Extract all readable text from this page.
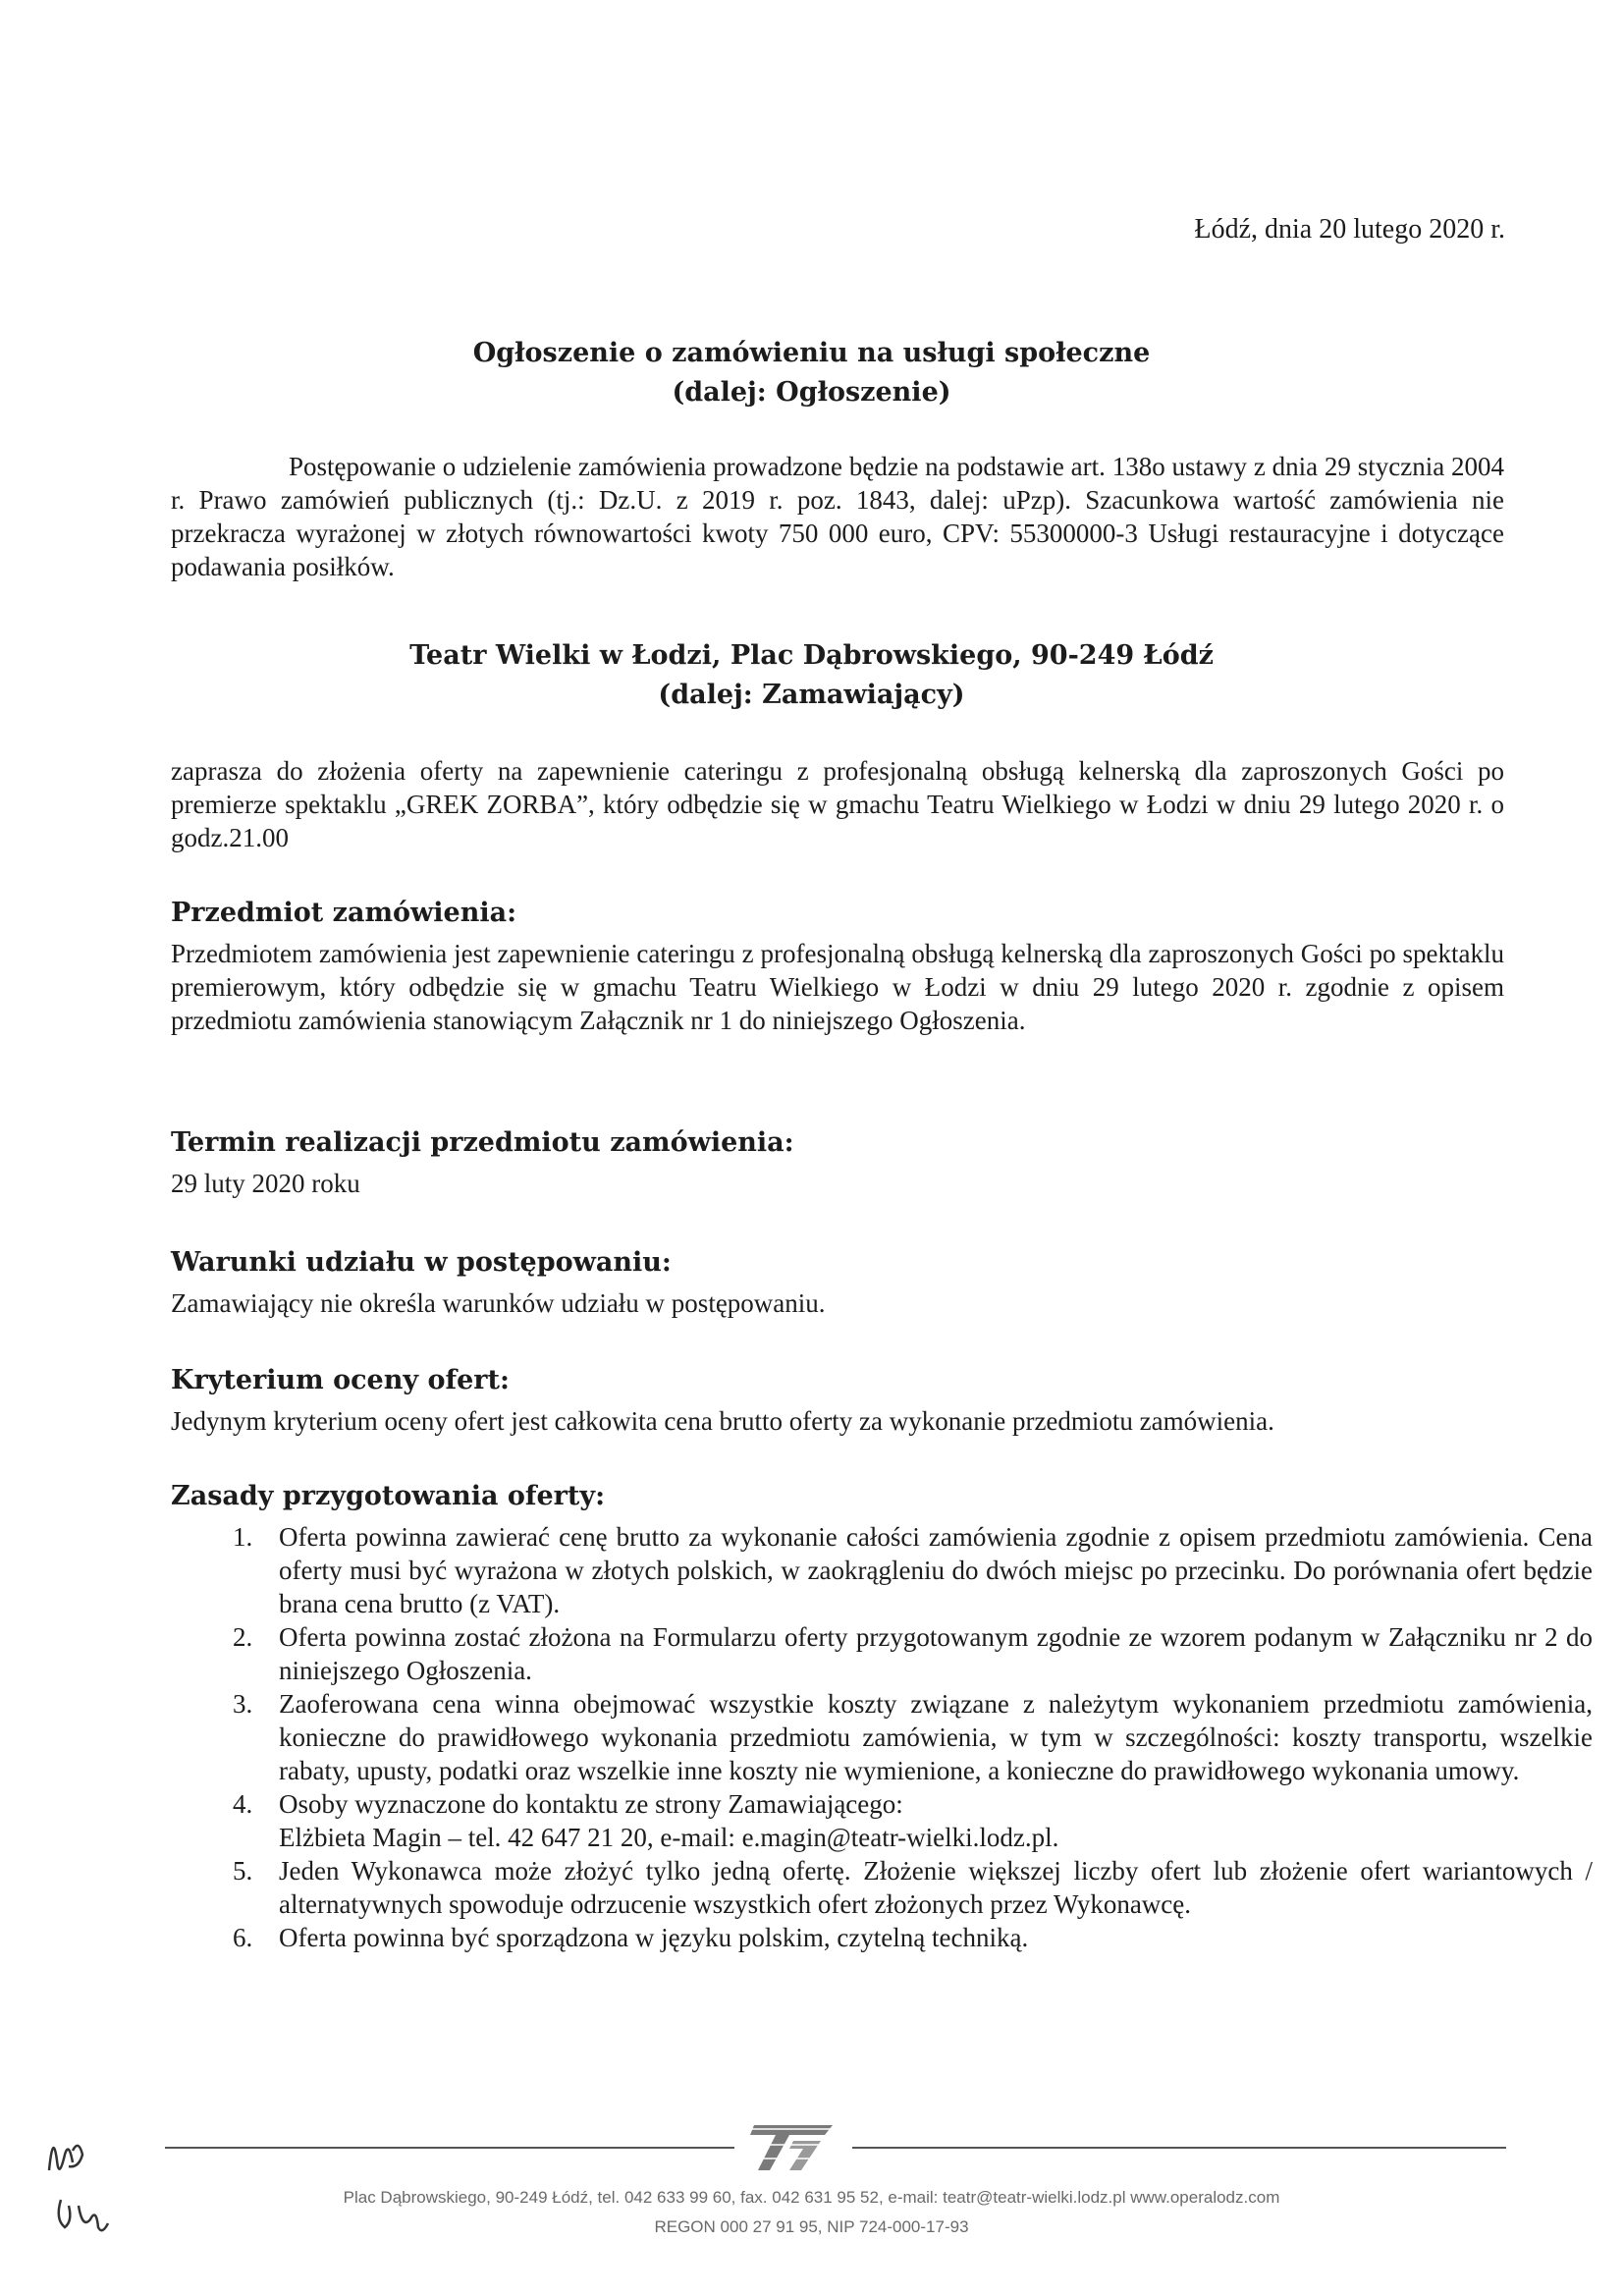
Łódź, dnia 20 lutego 2020 r.
Ogłoszenie o zamówieniu na usługi społeczne
(dalej: Ogłoszenie)
Postępowanie o udzielenie zamówienia prowadzone będzie na podstawie art. 138o ustawy z dnia 29 stycznia 2004 r. Prawo zamówień publicznych (tj.: Dz.U. z 2019 r. poz. 1843, dalej: uPzp). Szacunkowa wartość zamówienia nie przekracza wyrażonej w złotych równowartości kwoty 750 000 euro, CPV: 55300000-3 Usługi restauracyjne i dotyczące podawania posiłków.
Teatr Wielki w Łodzi, Plac Dąbrowskiego, 90-249 Łódź
(dalej: Zamawiający)
zaprasza do złożenia oferty na zapewnienie cateringu z profesjonalną obsługą kelnerską dla zaproszonych Gości po premierze spektaklu „GREK ZORBA”, który odbędzie się w gmachu Teatru Wielkiego w Łodzi w dniu 29 lutego 2020 r. o godz.21.00
Przedmiot zamówienia:
Przedmiotem zamówienia jest zapewnienie cateringu z profesjonalną obsługą kelnerską dla zaproszonych Gości po spektaklu premierowym, który odbędzie się w gmachu Teatru Wielkiego w Łodzi w dniu 29 lutego 2020 r. zgodnie z opisem przedmiotu zamówienia stanowiącym Załącznik nr 1 do niniejszego Ogłoszenia.
Termin realizacji przedmiotu zamówienia:
29 luty 2020 roku
Warunki udziału w postępowaniu:
Zamawiający nie określa warunków udziału w postępowaniu.
Kryterium oceny ofert:
Jedynym kryterium oceny ofert jest całkowita cena brutto oferty za wykonanie przedmiotu zamówienia.
Zasady przygotowania oferty:
1. Oferta powinna zawierać cenę brutto za wykonanie całości zamówienia zgodnie z opisem przedmiotu zamówienia. Cena oferty musi być wyrażona w złotych polskich, w zaokrągleniu do dwóch miejsc po przecinku. Do porównania ofert będzie brana cena brutto (z VAT).
2. Oferta powinna zostać złożona na Formularzu oferty przygotowanym zgodnie ze wzorem podanym w Załączniku nr 2 do niniejszego Ogłoszenia.
3. Zaoferowana cena winna obejmować wszystkie koszty związane z należytym wykonaniem przedmiotu zamówienia, konieczne do prawidłowego wykonania przedmiotu zamówienia, w tym w szczególności: koszty transportu, wszelkie rabaty, upusty, podatki oraz wszelkie inne koszty nie wymienione, a konieczne do prawidłowego wykonania umowy.
4. Osoby wyznaczone do kontaktu ze strony Zamawiającego:
Elżbieta Magin – tel. 42 647 21 20, e-mail: e.magin@teatr-wielki.lodz.pl.
5. Jeden Wykonawca może złożyć tylko jedną ofertę. Złożenie większej liczby ofert lub złożenie ofert wariantowych / alternatywnych spowoduje odrzucenie wszystkich ofert złożonych przez Wykonawcę.
6. Oferta powinna być sporządzona w języku polskim, czytelną techniką.
Plac Dąbrowskiego, 90-249 Łódź, tel. 042 633 99 60, fax. 042 631 95 52, e-mail: teatr@teatr-wielki.lodz.pl www.operalodz.com
REGON 000 27 91 95, NIP 724-000-17-93
